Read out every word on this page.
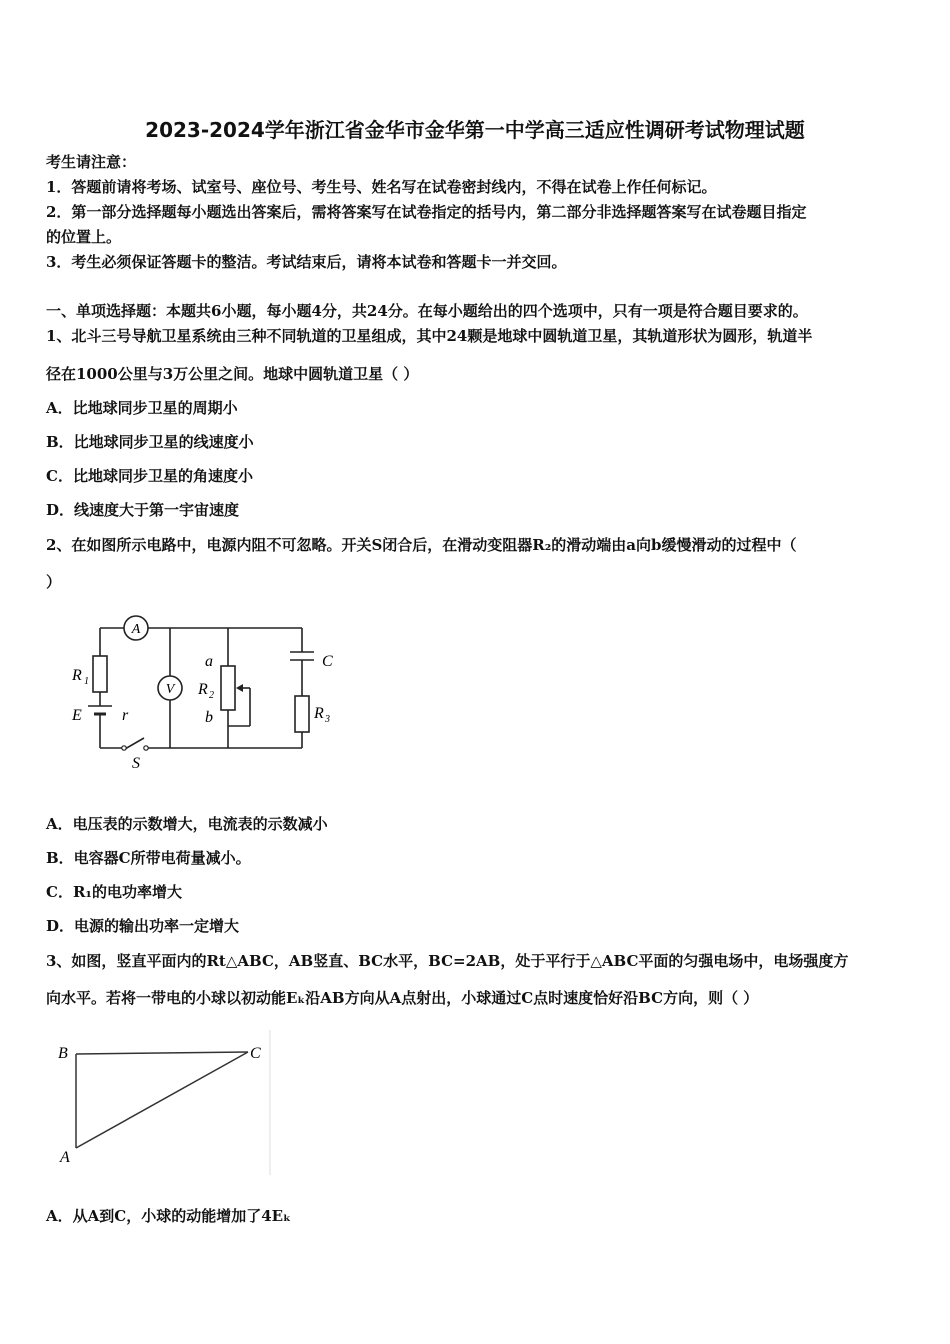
2023-2024学年浙江省金华市金华第一中学高三适应性调研考试物理试题
考生请注意：
1．答题前请将考场、试室号、座位号、考生号、姓名写在试卷密封线内，不得在试卷上作任何标记。
2．第一部分选择题每小题选出答案后，需将答案写在试卷指定的括号内，第二部分非选择题答案写在试卷题目指定
的位置上。
3．考生必须保证答题卡的整洁。考试结束后，请将本试卷和答题卡一并交回。
一、单项选择题：本题共6小题，每小题4分，共24分。在每小题给出的四个选项中，只有一项是符合题目要求的。
1、北斗三号导航卫星系统由三种不同轨道的卫星组成，其中24颗是地球中圆轨道卫星，其轨道形状为圆形，轨道半
径在1000公里与3万公里之间。地球中圆轨道卫星（ ）
A．比地球同步卫星的周期小
B．比地球同步卫星的线速度小
C．比地球同步卫星的角速度小
D．线速度大于第一宇宙速度
2、在如图所示电路中，电源内阻不可忽略。开关S闭合后，在滑动变阻器R₂的滑动端由a向b缓慢滑动的过程中（
）
A
V
R 1
E	r
a
R 2
b
C
R 3
S
A．电压表的示数增大，电流表的示数减小
B．电容器C所带电荷量减小。
C．R₁的电功率增大
D．电源的输出功率一定增大
3、如图，竖直平面内的Rt△ABC，AB竖直、BC水平，BC=2AB，处于平行于△ABC平面的匀强电场中，电场强度方
向水平。若将一带电的小球以初动能Eₖ沿AB方向从A点射出，小球通过C点时速度恰好沿BC方向，则（ ）
B	C
A
A．从A到C，小球的动能增加了4Eₖ
